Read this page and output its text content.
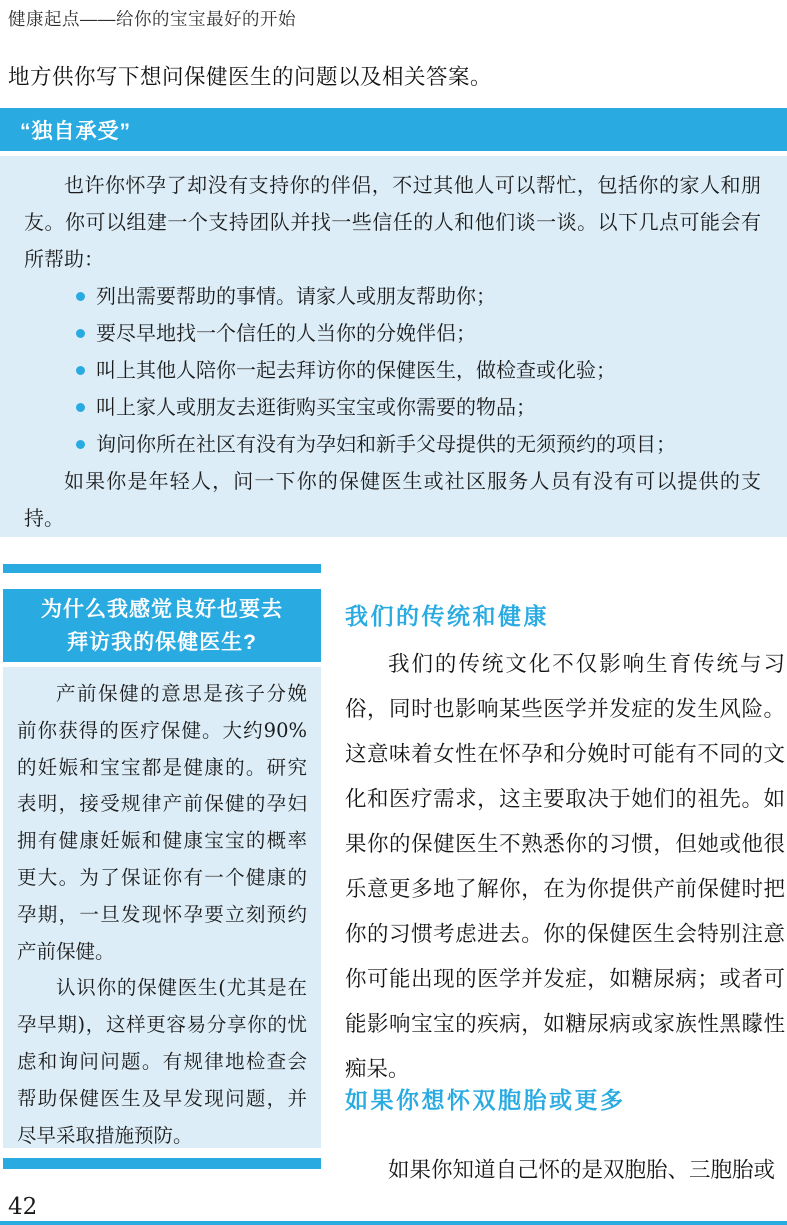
健康起点——给你的宝宝最好的开始

地方供你写下想问保健医生的问题以及相关答案。

“独自承受”

也许你怀孕了却没有支持你的伴侣，不过其他人可以帮忙，包括你的家人和朋友。你可以组建一个支持团队并找一些信任的人和他们谈一谈。以下几点可能会有所帮助：

列出需要帮助的事情。请家人或朋友帮助你；
要尽早地找一个信任的人当你的分娩伴侣；
叫上其他人陪你一起去拜访你的保健医生，做检查或化验；
叫上家人或朋友去逛街购买宝宝或你需要的物品；
询问你所在社区有没有为孕妇和新手父母提供的无须预约的项目；

如果你是年轻人，问一下你的保健医生或社区服务人员有没有可以提供的支持。

为什么我感觉良好也要去
拜访我的保健医生?

产前保健的意思是孩子分娩前你获得的医疗保健。大约90%的妊娠和宝宝都是健康的。研究表明，接受规律产前保健的孕妇拥有健康妊娠和健康宝宝的概率更大。为了保证你有一个健康的孕期，一旦发现怀孕要立刻预约产前保健。

认识你的保健医生(尤其是在孕早期)，这样更容易分享你的忧虑和询问问题。有规律地检查会帮助保健医生及早发现问题，并尽早采取措施预防。

我们的传统和健康

我们的传统文化不仅影响生育传统与习俗，同时也影响某些医学并发症的发生风险。这意味着女性在怀孕和分娩时可能有不同的文化和医疗需求，这主要取决于她们的祖先。如果你的保健医生不熟悉你的习惯，但她或他很乐意更多地了解你，在为你提供产前保健时把你的习惯考虑进去。你的保健医生会特别注意你可能出现的医学并发症，如糖尿病；或者可能影响宝宝的疾病，如糖尿病或家族性黑矇性痴呆。

如果你想怀双胞胎或更多

如果你知道自己怀的是双胞胎、三胞胎或

42
